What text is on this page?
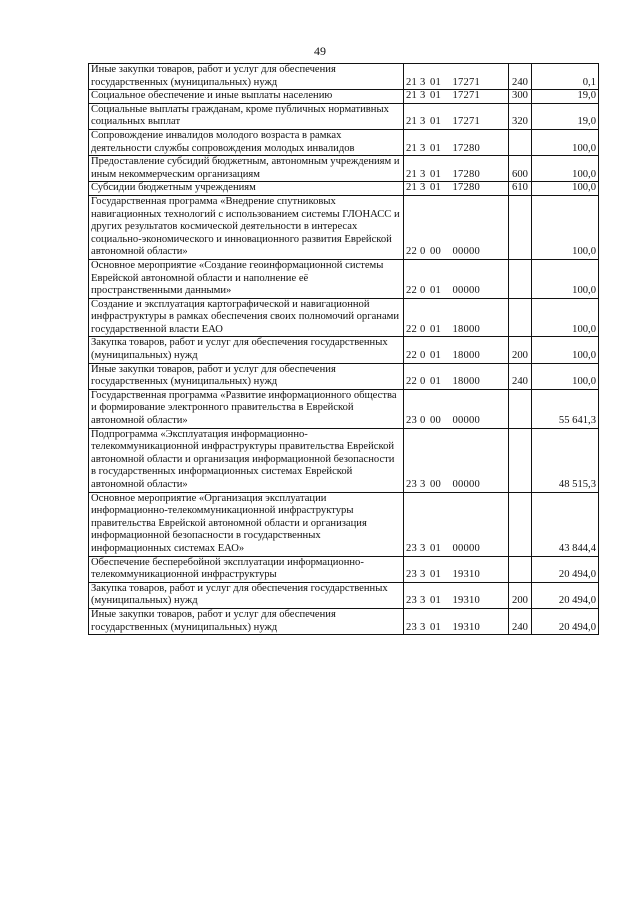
49
Иные закупки товаров, работ и услуг для обеспечения государственных (муниципальных) нужд	21 3 01 17271	240	0,1
Социальное обеспечение и иные выплаты населению	21 3 01 17271	300	19,0
Социальные выплаты гражданам, кроме публичных нормативных социальных выплат	21 3 01 17271	320	19,0
Сопровождение инвалидов молодого возраста в рамках деятельности службы сопровождения молодых инвалидов	21 3 01 17280		100,0
Предоставление субсидий бюджетным, автономным учреждениям и иным некоммерческим организациям	21 3 01 17280	600	100,0
Субсидии бюджетным учреждениям	21 3 01 17280	610	100,0
Государственная программа «Внедрение спутниковых навигационных технологий с использованием системы ГЛОНАСС и других результатов космической деятельности в интересах социально-экономического и инновационного развития Еврейской автономной области»	22 0 00 00000		100,0
Основное мероприятие «Создание геоинформационной системы Еврейской автономной области и наполнение её пространственными данными»	22 0 01 00000		100,0
Создание и эксплуатация картографической и навигационной инфраструктуры в рамках обеспечения своих полномочий органами государственной власти ЕАО	22 0 01 18000		100,0
Закупка товаров, работ и услуг для обеспечения государственных (муниципальных) нужд	22 0 01 18000	200	100,0
Иные закупки товаров, работ и услуг для обеспечения государственных (муниципальных) нужд	22 0 01 18000	240	100,0
Государственная программа «Развитие информационного общества и формирование электронного правительства в Еврейской автономной области»	23 0 00 00000		55 641,3
Подпрограмма «Эксплуатация информационно-телекоммуникационной инфраструктуры правительства Еврейской автономной области и организация информационной безопасности в государственных информационных системах Еврейской автономной области»	23 3 00 00000		48 515,3
Основное мероприятие «Организация эксплуатации информационно-телекоммуникационной инфраструктуры правительства Еврейской автономной области и организация информационной безопасности в государственных информационных системах ЕАО»	23 3 01 00000		43 844,4
Обеспечение бесперебойной эксплуатации информационно-телекоммуникационной инфраструктуры	23 3 01 19310		20 494,0
Закупка товаров, работ и услуг для обеспечения государственных (муниципальных) нужд	23 3 01 19310	200	20 494,0
Иные закупки товаров, работ и услуг для обеспечения государственных (муниципальных) нужд	23 3 01 19310	240	20 494,0
